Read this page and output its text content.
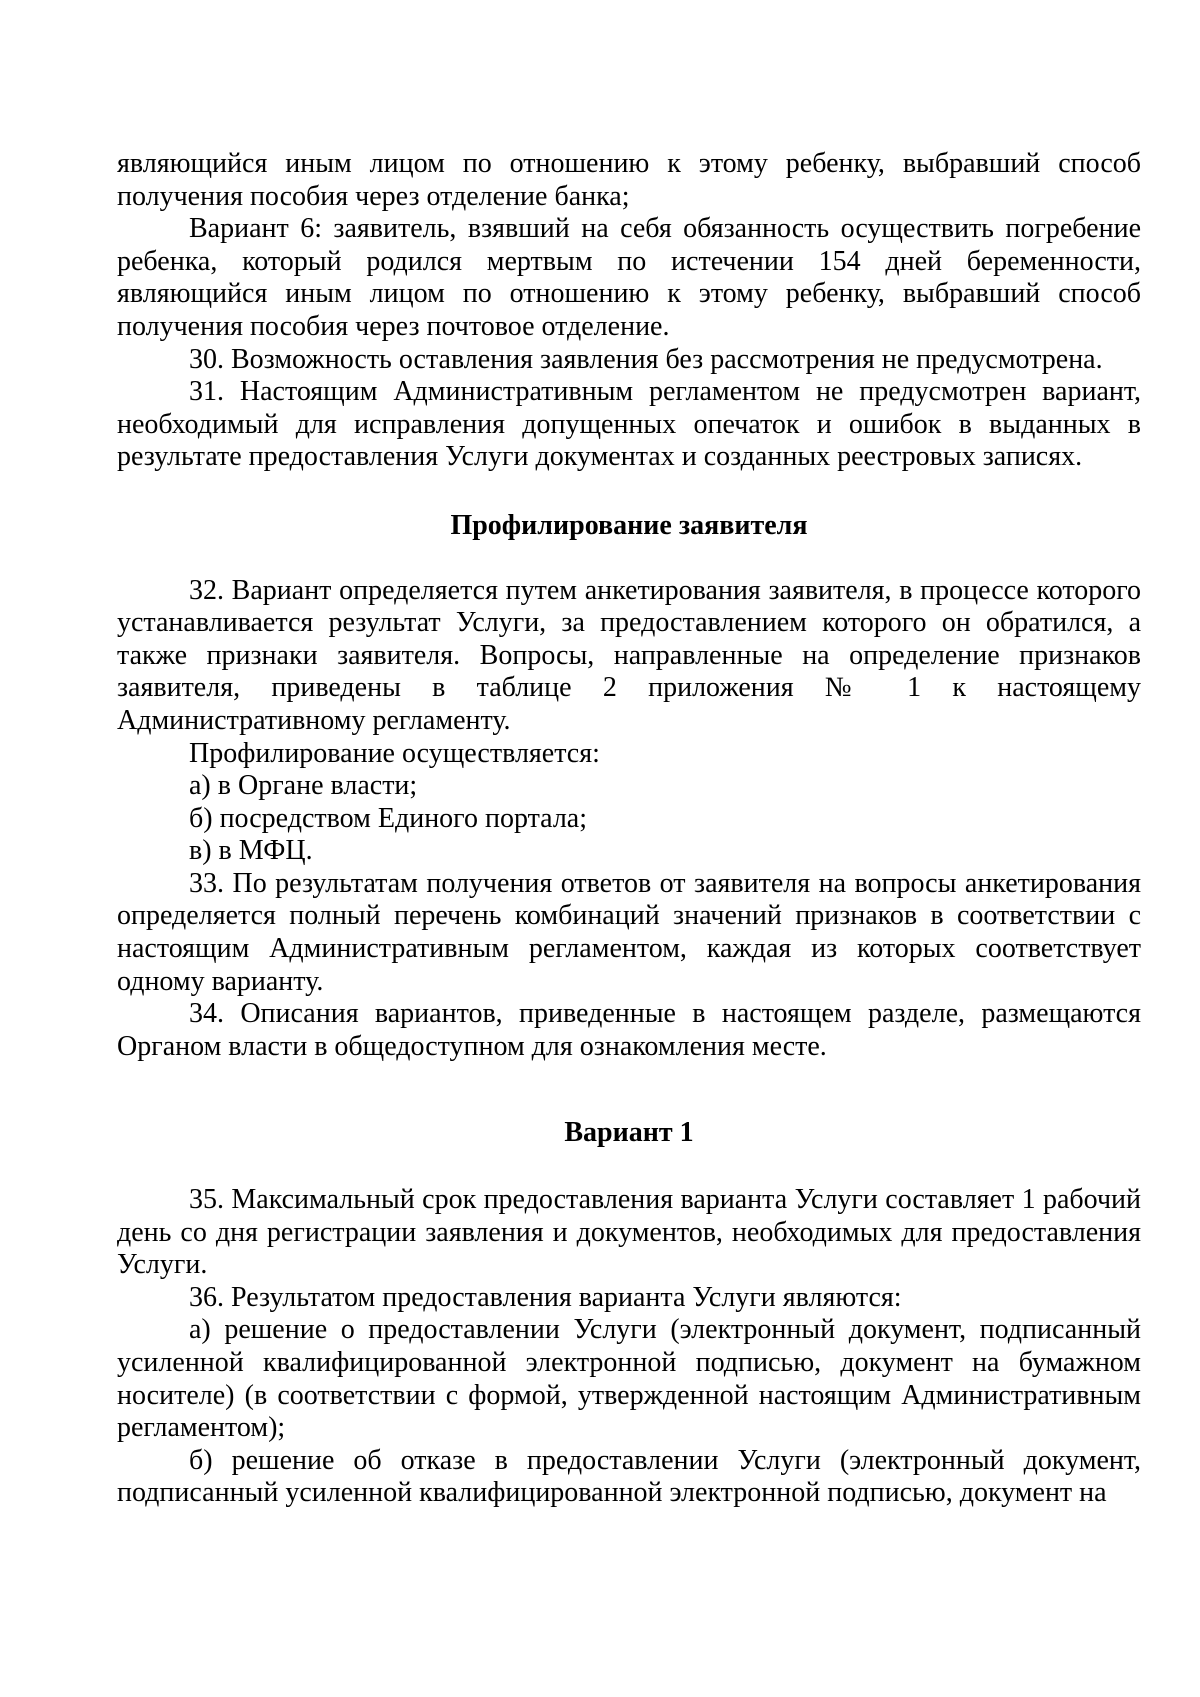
являющийся иным лицом по отношению к этому ребенку, выбравший способ получения пособия через отделение банка;

Вариант 6: заявитель, взявший на себя обязанность осуществить погребение ребенка, который родился мертвым по истечении 154 дней беременности, являющийся иным лицом по отношению к этому ребенку, выбравший способ получения пособия через почтовое отделение.

30. Возможность оставления заявления без рассмотрения не предусмотрена.

31. Настоящим Административным регламентом не предусмотрен вариант, необходимый для исправления допущенных опечаток и ошибок в выданных в результате предоставления Услуги документах и созданных реестровых записях.

Профилирование заявителя

32. Вариант определяется путем анкетирования заявителя, в процессе которого устанавливается результат Услуги, за предоставлением которого он обратился, а также признаки заявителя. Вопросы, направленные на определение признаков заявителя, приведены в таблице 2 приложения № 1 к настоящему Административному регламенту.

Профилирование осуществляется:

а) в Органе власти;

б) посредством Единого портала;

в) в МФЦ.

33. По результатам получения ответов от заявителя на вопросы анкетирования определяется полный перечень комбинаций значений признаков в соответствии с настоящим Административным регламентом, каждая из которых соответствует одному варианту.

34. Описания вариантов, приведенные в настоящем разделе, размещаются Органом власти в общедоступном для ознакомления месте.

Вариант 1

35. Максимальный срок предоставления варианта Услуги составляет 1 рабочий день со дня регистрации заявления и документов, необходимых для предоставления Услуги.

36. Результатом предоставления варианта Услуги являются:

а) решение о предоставлении Услуги (электронный документ, подписанный усиленной квалифицированной электронной подписью, документ на бумажном носителе) (в соответствии с формой, утвержденной настоящим Административным регламентом);

б) решение об отказе в предоставлении Услуги (электронный документ, подписанный усиленной квалифицированной электронной подписью, документ на
